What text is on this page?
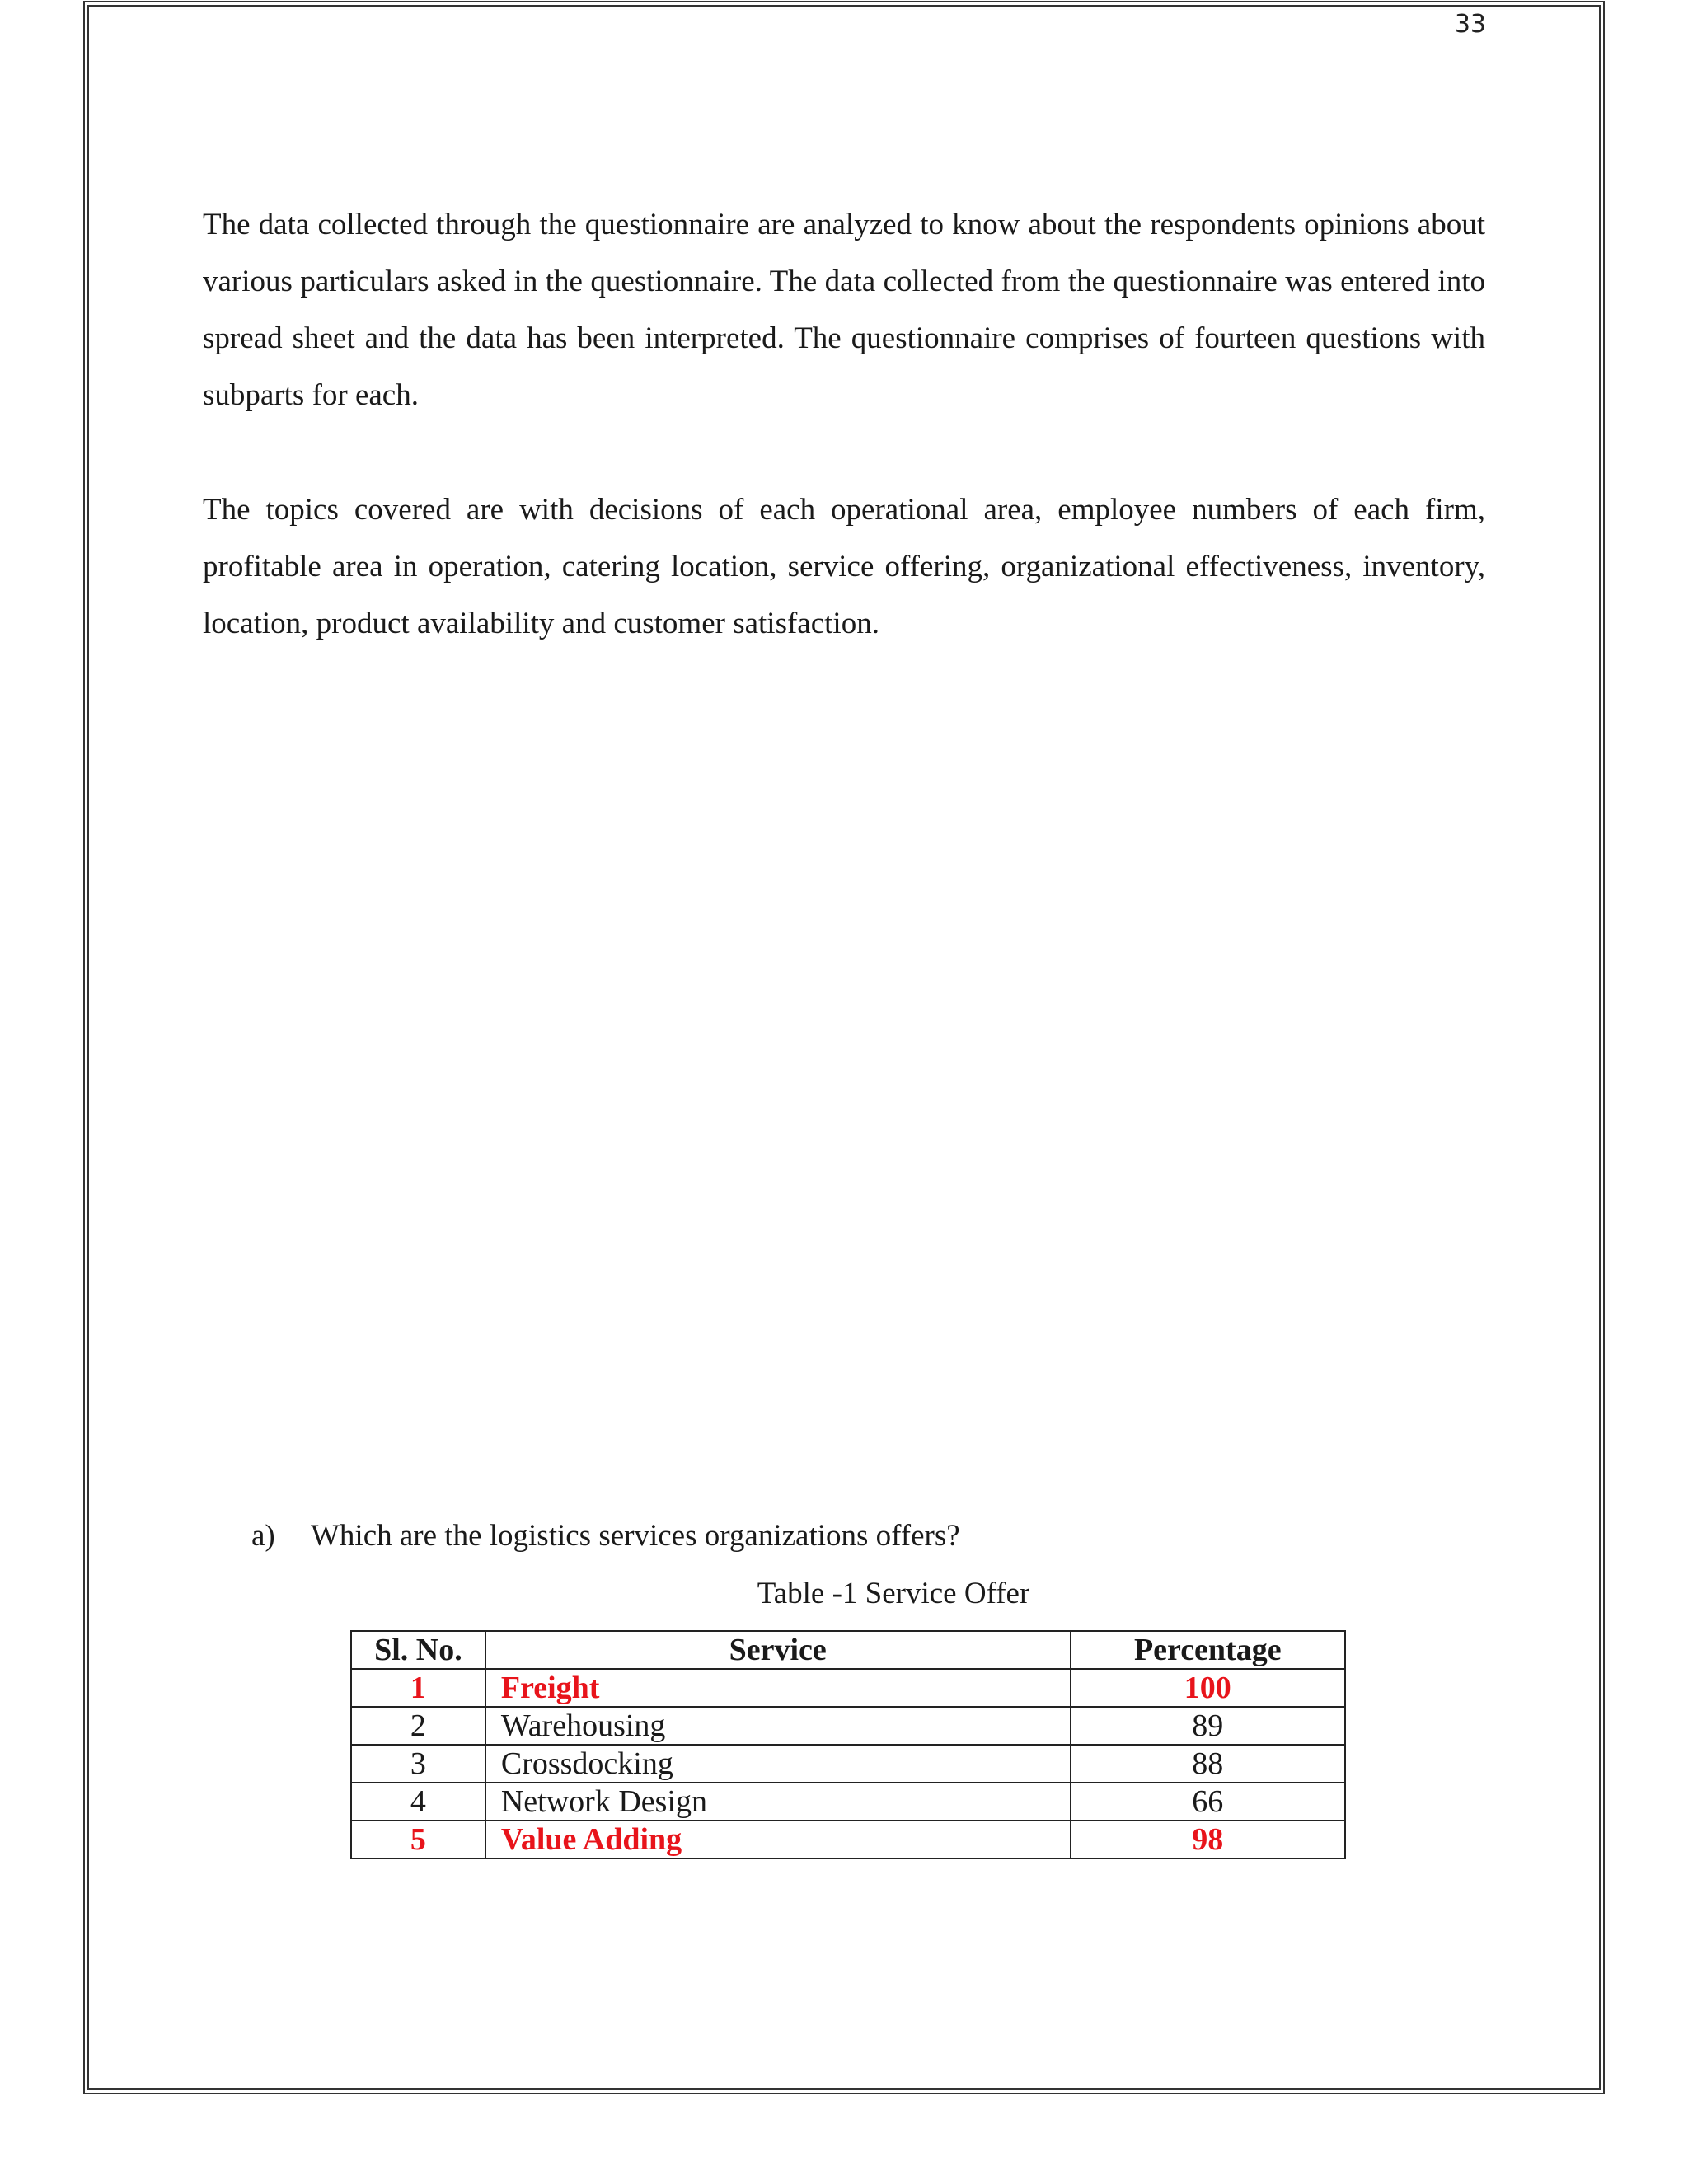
33

The data collected through the questionnaire are analyzed to know about the respondents opinions about various particulars asked in the questionnaire. The data collected from the questionnaire was entered into spread sheet and the data has been interpreted. The questionnaire comprises of fourteen questions with subparts for each.

The topics covered are with decisions of each operational area, employee numbers of each firm, profitable area in operation, catering location, service offering, organizational effectiveness, inventory, location, product availability and customer satisfaction.

a) Which are the logistics services organizations offers?
Table -1 Service Offer
Sl. No.	Service	Percentage
1	Freight	100
2	Warehousing	89
3	Crossdocking	88
4	Network Design	66
5	Value Adding	98
